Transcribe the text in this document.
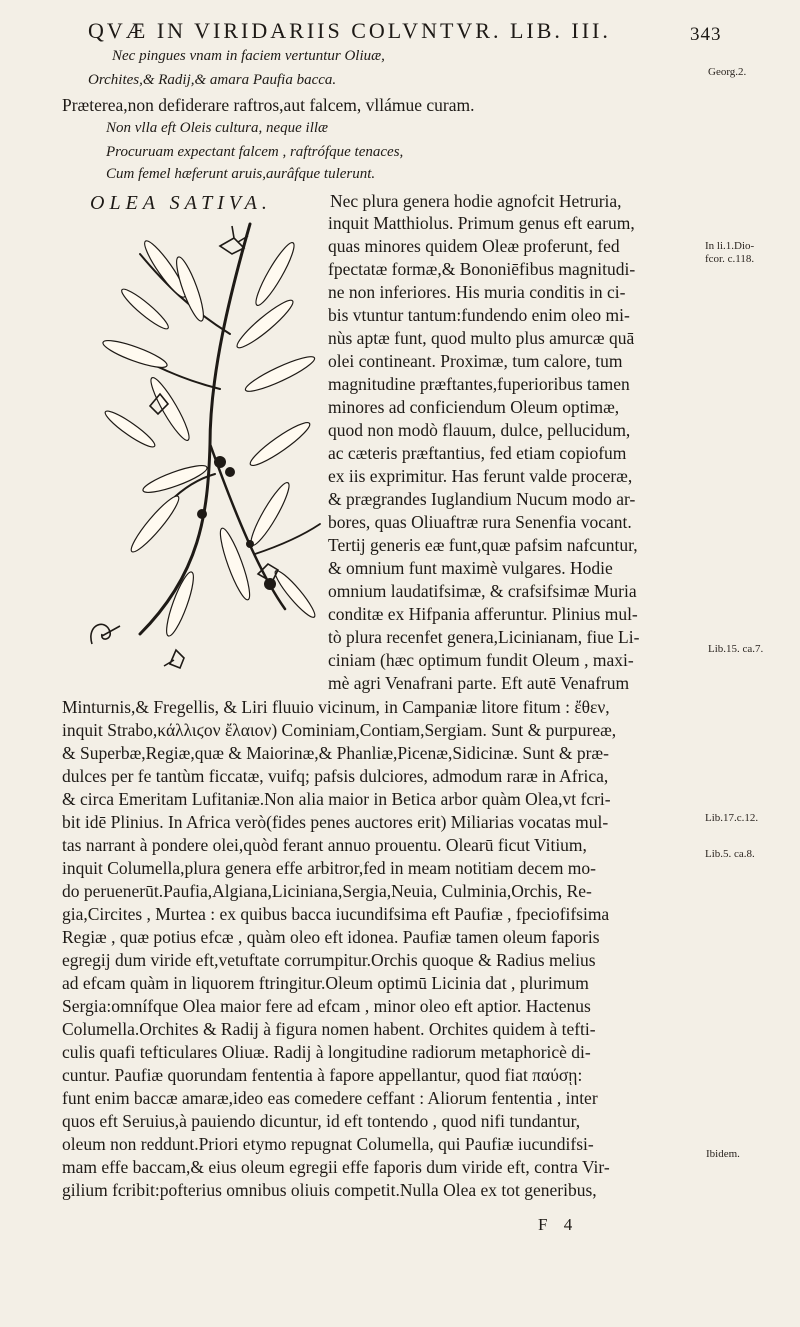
QVÆ IN VIRIDARIIS COLVNTVR. LIB. III.	343
Georg.2.
In li.1.Dio-
fcor. c.118.
Lib.15. ca.7.
Lib.17.c.12.
Lib.5. ca.8.
Ibidem.
Nec pingues vnam in faciem vertuntur Oliuæ,
Orchites,& Radij,& amara Paufia bacca.
Præterea,non defiderare raftros,aut falcem, vllámue curam.
Non vlla eft Oleis cultura, neque illæ
Procuruam expectant falcem , raftrófque tenaces,
Cum femel hæferunt aruis,aurâfque tulerunt.
OLEA SATIVA.	Nec plura genera hodie agnofcit Hetruria,
inquit Matthiolus. Primum genus eft earum,
quas minores quidem Oleæ proferunt, fed
fpectatæ formæ,& Bononiēfibus magnitudi-
ne non inferiores. His muria conditis in ci-
bis vtuntur tantum:fundendo enim oleo mi-
nùs aptæ funt, quod multo plus amurcæ quā
olei contineant. Proximæ, tum calore, tum
magnitudine præftantes,fuperioribus tamen
minores ad conficiendum Oleum optimæ,
quod non modò flauum, dulce, pellucidum,
ac cæteris præftantius, fed etiam copiofum
ex iis exprimitur. Has ferunt valde proceræ,
& prægrandes Iuglandium Nucum modo ar-
bores, quas Oliuaftræ rura Senenfia vocant.
Tertij generis eæ funt,quæ pafsim nafcuntur,
& omnium funt maximè vulgares. Hodie
omnium laudatifsimæ, & crafsifsimæ Muria
conditæ ex Hifpania afferuntur. Plinius mul-
tò plura recenfet genera,Licinianam, fiue Li-
ciniam (hæc optimum fundit Oleum , maxi-
mè agri Venafrani parte. Eft autē Venafrum
Minturnis,& Fregellis, & Liri fluuio vicinum, in Campaniæ litore fitum : ἔθεν,
inquit Strabo,κάλλιϛον ἔλαιον) Cominiam,Contiam,Sergiam. Sunt & purpureæ,
& Superbæ,Regiæ,quæ & Maiorinæ,& Phanliæ,Picenæ,Sidicinæ. Sunt & præ-
dulces per fe tantùm ficcatæ, vuifq; pafsis dulciores, admodum raræ in Africa,
& circa Emeritam Lufitaniæ.Non alia maior in Betica arbor quàm Olea,vt fcri-
bit idē Plinius. In Africa verò(fides penes auctores erit) Miliarias vocatas mul-
tas narrant à pondere olei,quòd ferant annuo prouentu. Olearū ficut Vitium,
inquit Columella,plura genera effe arbitror,fed in meam notitiam decem mo-
do peruenerūt.Paufia,Algiana,Liciniana,Sergia,Neuia, Culminia,Orchis, Re-
gia,Circites , Murtea : ex quibus bacca iucundifsima eft Paufiæ , fpeciofifsima
Regiæ , quæ potius efcæ , quàm oleo eft idonea. Paufiæ tamen oleum faporis
egregij dum viride eft,vetuftate corrumpitur.Orchis quoque & Radius melius
ad efcam quàm in liquorem ftringitur.Oleum optimū Licinia dat , plurimum
Sergia:omnífque Olea maior fere ad efcam , minor oleo eft aptior. Hactenus
Columella.Orchites & Radij à figura nomen habent. Orchites quidem à tefti-
culis quafi tefticulares Oliuæ. Radij à longitudine radiorum metaphoricè di-
cuntur. Paufiæ quorundam fententia à fapore appellantur, quod fiat παύσῃ:
funt enim baccæ amaræ,ideo eas comedere ceffant : Aliorum fententia , inter
quos eft Seruius,à pauiendo dicuntur, id eft tontendo , quod nifi tundantur,
oleum non reddunt.Priori etymo repugnat Columella, qui Paufiæ iucundifsi-
mam effe baccam,& eius oleum egregii effe faporis dum viride eft, contra Vir-
gilium fcribit:pofterius omnibus oliuis competit.Nulla Olea ex tot generibus,
F 4
